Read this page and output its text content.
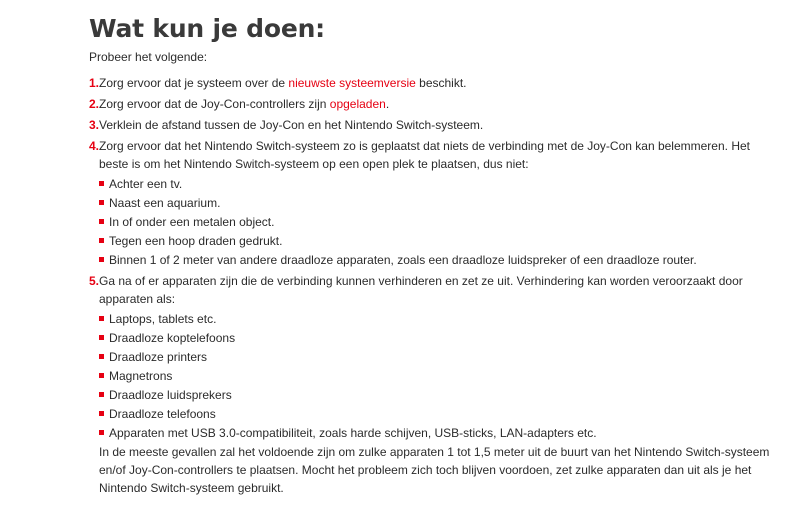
Wat kun je doen:

Probeer het volgende:

1. Zorg ervoor dat je systeem over de nieuwste systeemversie beschikt.
2. Zorg ervoor dat de Joy-Con-controllers zijn opgeladen.
3. Verklein de afstand tussen de Joy-Con en het Nintendo Switch-systeem.
4. Zorg ervoor dat het Nintendo Switch-systeem zo is geplaatst dat niets de verbinding met de Joy-Con kan belemmeren. Het beste is om het Nintendo Switch-systeem op een open plek te plaatsen, dus niet:
Achter een tv.
Naast een aquarium.
In of onder een metalen object.
Tegen een hoop draden gedrukt.
Binnen 1 of 2 meter van andere draadloze apparaten, zoals een draadloze luidspreker of een draadloze router.
5. Ga na of er apparaten zijn die de verbinding kunnen verhinderen en zet ze uit. Verhindering kan worden veroorzaakt door apparaten als:
Laptops, tablets etc.
Draadloze koptelefoons
Draadloze printers
Magnetrons
Draadloze luidsprekers
Draadloze telefoons
Apparaten met USB 3.0-compatibiliteit, zoals harde schijven, USB-sticks, LAN-adapters etc.

In de meeste gevallen zal het voldoende zijn om zulke apparaten 1 tot 1,5 meter uit de buurt van het Nintendo Switch-systeem en/of Joy-Con-controllers te plaatsen. Mocht het probleem zich toch blijven voordoen, zet zulke apparaten dan uit als je het Nintendo Switch-systeem gebruikt.
